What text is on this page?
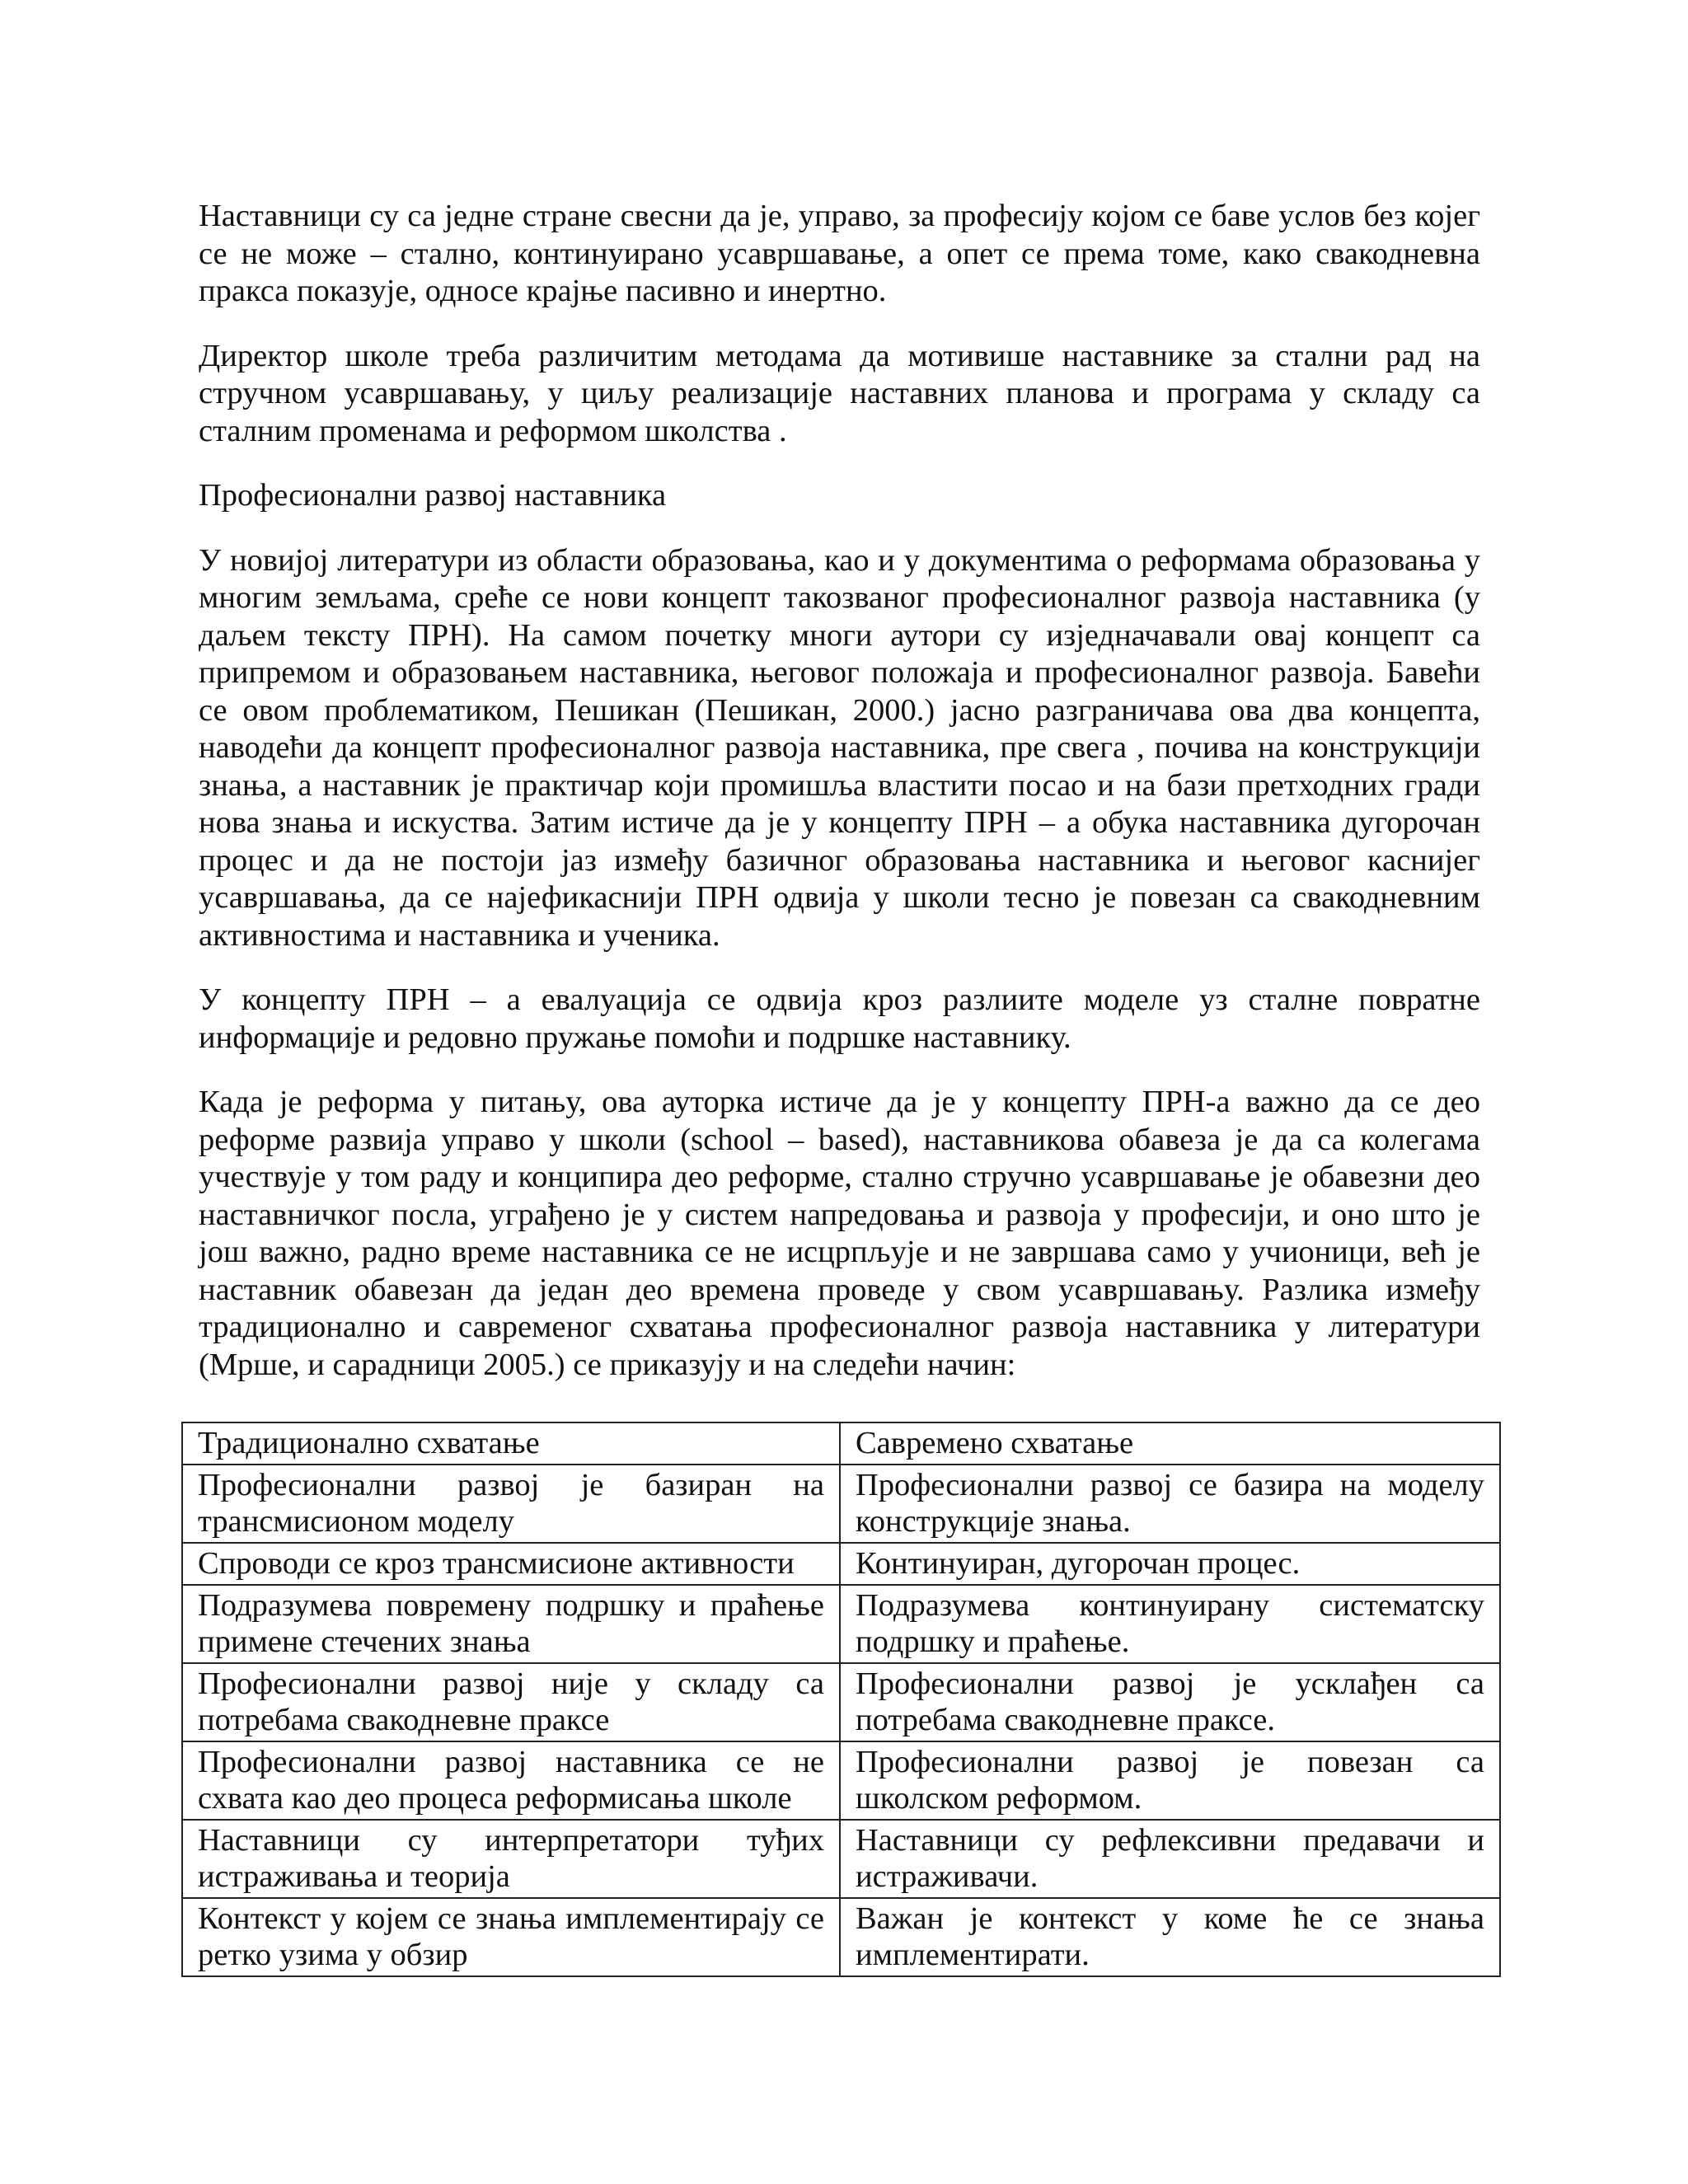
Наставници су са једне стране свесни да је, управо, за професију којом се баве услов без којег се не може – стално, континуирано усавршавање, а опет се према томе, како свакодневна пракса показује, односе крајње пасивно и инертно.

Директор школе треба различитим методама да мотивише наставнике за стални рад на стручном усавршавању, у циљу реализације наставних планова и програма у складу са сталним променама и реформом школства .

Професионални развој наставника

У новијој литератури из области образовања, као и у документима о реформама образовања у многим земљама, среће се нови концепт такозваног професионалног развоја наставника (у даљем тексту ПРН). На самом почетку многи аутори су изједначавали овај концепт са припремом и образовањем наставника, његовог положаја и професионалног развоја. Бавећи се овом проблематиком, Пешикан (Пешикан, 2000.) јасно разграничава ова два концепта, наводећи да концепт професионалног развоја наставника, пре свега , почива на конструкцији знања, а наставник је практичар који промишља властити посао и на бази претходних гради нова знања и искуства. Затим истиче да је у концепту ПРН – а обука наставника дугорочан процес и да не постоји јаз између базичног образовања наставника и његовог каснијег усавршавања, да се најефикаснији ПРН одвија у школи тесно је повезан са свакодневним активностима и наставника и ученика.

У концепту ПРН – а евалуација се одвија кроз разлиите моделе уз сталне повратне информације и редовно пружање помоћи и подршке наставнику.

Када је реформа у питању, ова ауторка истиче да је у концепту ПРН-а важно да се део реформе развија управо у школи (school – based), наставникова обавеза је да са колегама учествује у том раду и конципира део реформе, стално стручно усавршавање је обавезни део наставничког посла, уграђено је у систем напредовања и развоја у професији, и оно што је још важно, радно време наставника се не исцрпљује и не завршава само у учионици, већ је наставник обавезан да један део времена проведе у свом усавршавању. Разлика између традиционално и савременог схватања професионалног развоја наставника у литератури (Мрше, и сарадници 2005.) се приказују и на следећи начин:

Традиционално схватање	Савремено схватање
Професионални развој је базиран на трансмисионом моделу	Професионални развој се базира на моделу конструкције знања.
Спроводи се кроз трансмисионе активности	Континуиран, дугорочан процес.
Подразумева повремену подршку и праћење примене стечених знања	Подразумева континуирану систематску подршку и праћење.
Професионални развој није у складу са потребама свакодневне праксе	Професионални развој је усклађен са потребама свакодневне праксе.
Професионални развој наставника се не схвата као део процеса реформисања школе	Професионални развој је повезан са школском реформом.
Наставници су интерпретатори туђих истраживања и теорија	Наставници су рефлексивни предавачи и истраживачи.
Контекст у којем се знања имплементирају се ретко узима у обзир	Важан је контекст у коме ће се знања имплементирати.
